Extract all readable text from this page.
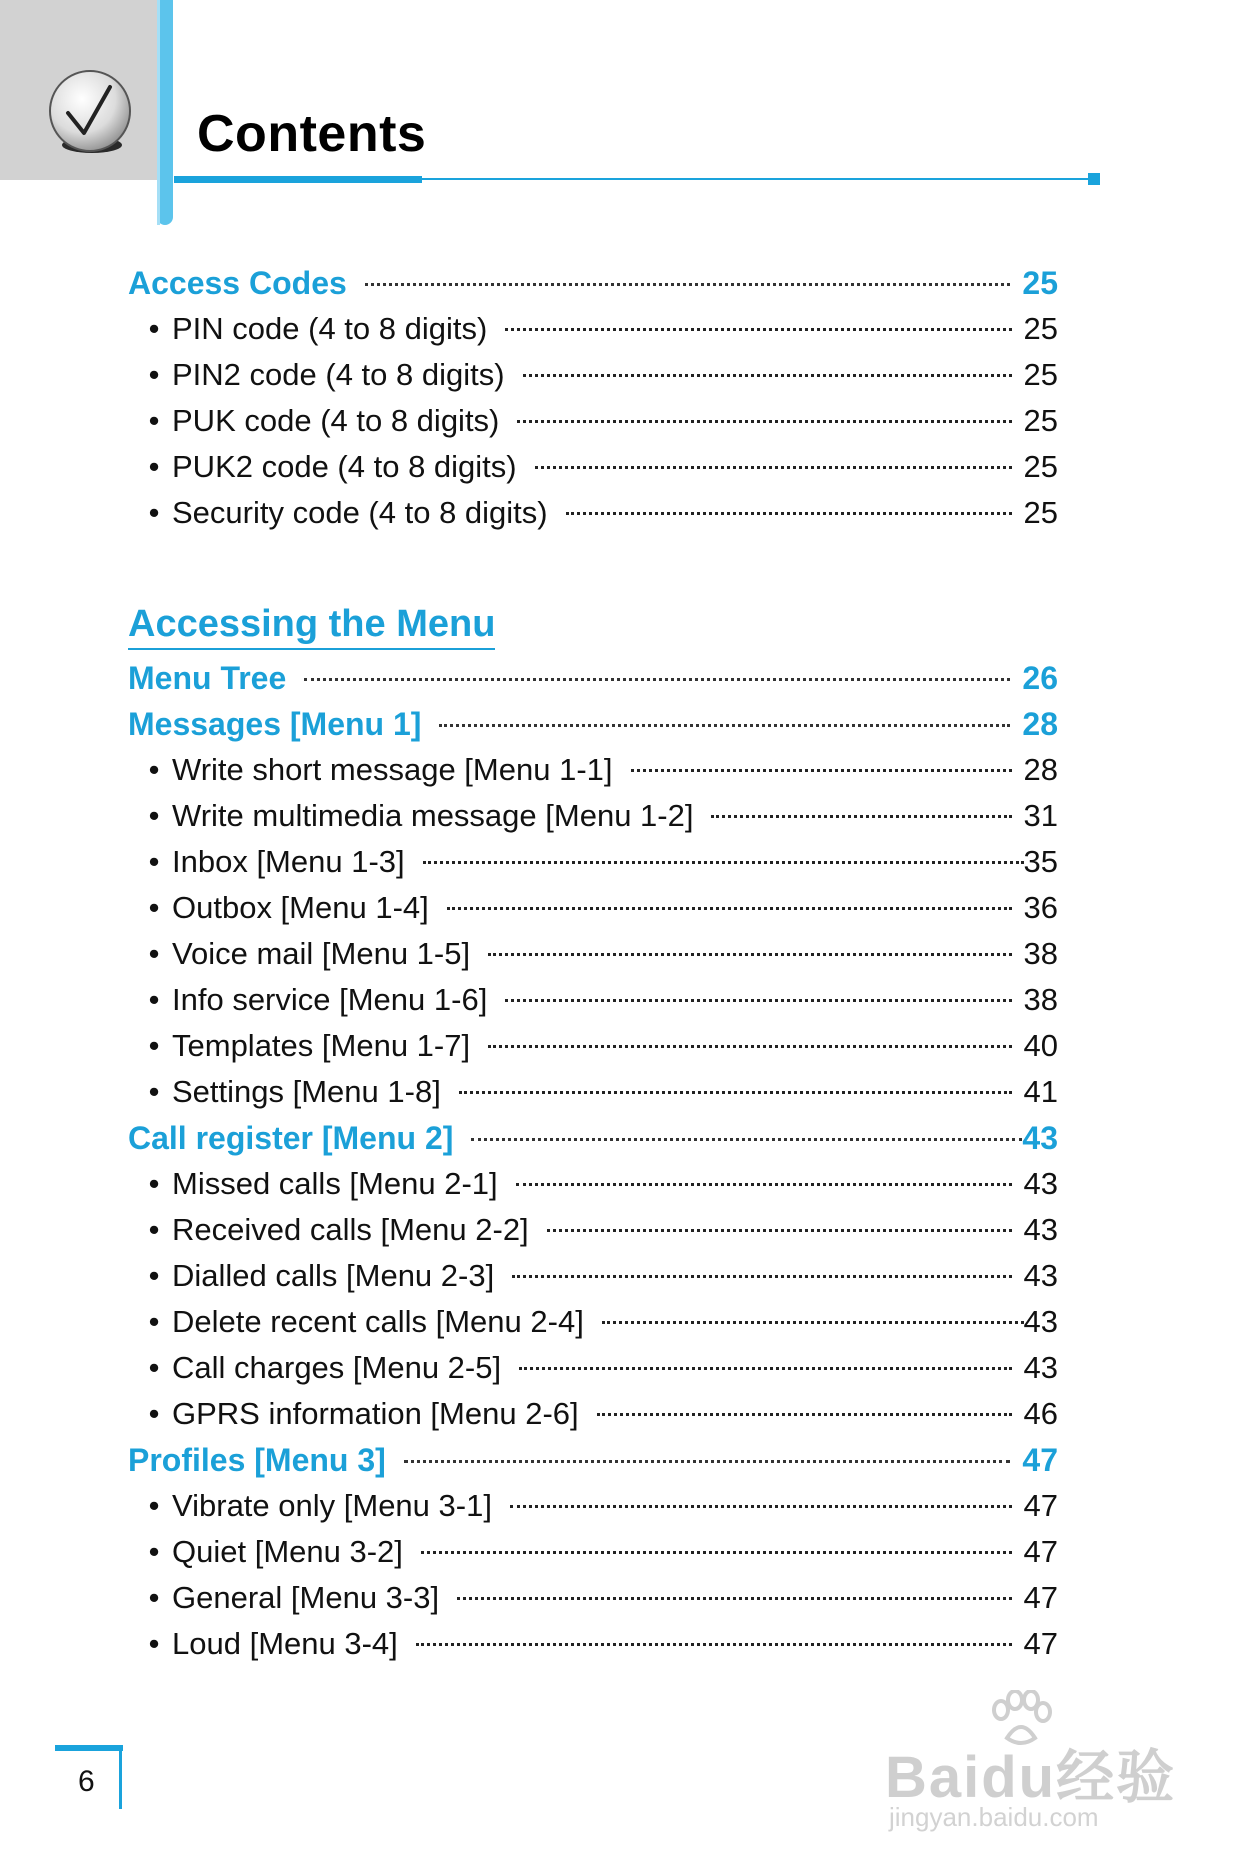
Contents
Access Codes	25
• PIN code (4 to 8 digits)	25
• PIN2 code (4 to 8 digits)	25
• PUK code (4 to 8 digits)	25
• PUK2 code (4 to 8 digits)	25
• Security code (4 to 8 digits)	25
Accessing the Menu
Menu Tree	26
Messages [Menu 1]	28
• Write short message [Menu 1-1]	28
• Write multimedia message [Menu 1-2]	31
• Inbox [Menu 1-3]	35
• Outbox [Menu 1-4]	36
• Voice mail [Menu 1-5]	38
• Info service [Menu 1-6]	38
• Templates [Menu 1-7]	40
• Settings [Menu 1-8]	41
Call register [Menu 2]	43
• Missed calls [Menu 2-1]	43
• Received calls [Menu 2-2]	43
• Dialled calls [Menu 2-3]	43
• Delete recent calls [Menu 2-4]	43
• Call charges [Menu 2-5]	43
• GPRS information [Menu 2-6]	46
Profiles [Menu 3]	47
• Vibrate only [Menu 3-1]	47
• Quiet [Menu 3-2]	47
• General [Menu 3-3]	47
• Loud [Menu 3-4]	47
6	Baidu经验
jingyan.baidu.com
